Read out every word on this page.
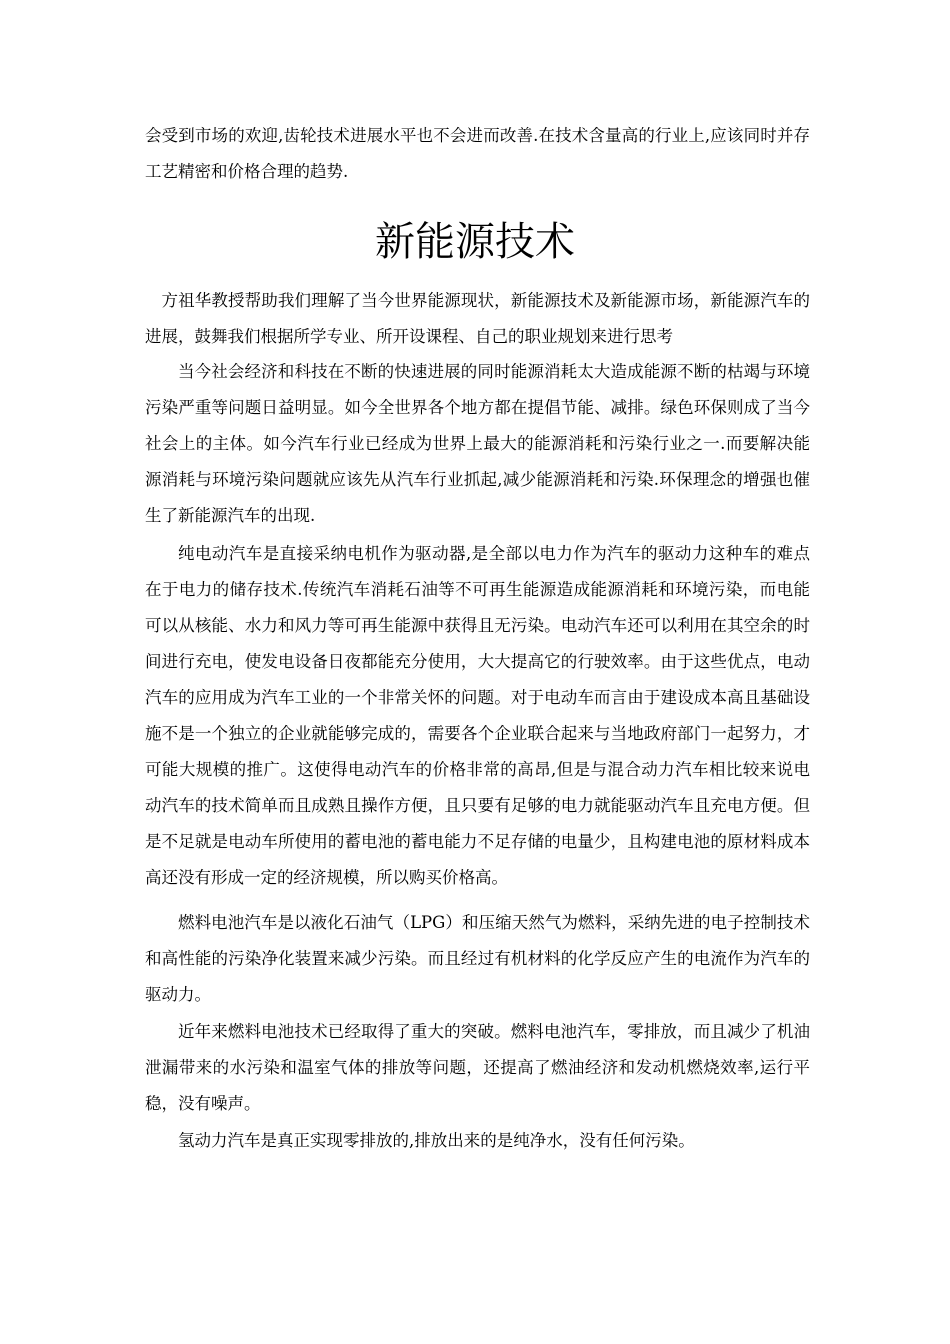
会受到市场的欢迎,齿轮技术进展水平也不会进而改善.在技术含量高的行业上,应该同时并存工艺精密和价格合理的趋势.

新能源技术

方祖华教授帮助我们理解了当今世界能源现状，新能源技术及新能源市场，新能源汽车的进展，鼓舞我们根据所学专业、所开设课程、自己的职业规划来进行思考

当今社会经济和科技在不断的快速进展的同时能源消耗太大造成能源不断的枯竭与环境污染严重等问题日益明显。如今全世界各个地方都在提倡节能、减排。绿色环保则成了当今社会上的主体。如今汽车行业已经成为世界上最大的能源消耗和污染行业之一.而要解决能源消耗与环境污染问题就应该先从汽车行业抓起,减少能源消耗和污染.环保理念的增强也催生了新能源汽车的出现.

纯电动汽车是直接采纳电机作为驱动器,是全部以电力作为汽车的驱动力这种车的难点在于电力的储存技术.传统汽车消耗石油等不可再生能源造成能源消耗和环境污染，而电能可以从核能、水力和风力等可再生能源中获得且无污染。电动汽车还可以利用在其空余的时间进行充电，使发电设备日夜都能充分使用，大大提高它的行驶效率。由于这些优点，电动汽车的应用成为汽车工业的一个非常关怀的问题。对于电动车而言由于建设成本高且基础设施不是一个独立的企业就能够完成的，需要各个企业联合起来与当地政府部门一起努力，才可能大规模的推广。这使得电动汽车的价格非常的高昂,但是与混合动力汽车相比较来说电动汽车的技术简单而且成熟且操作方便，且只要有足够的电力就能驱动汽车且充电方便。但是不足就是电动车所使用的蓄电池的蓄电能力不足存储的电量少，且构建电池的原材料成本高还没有形成一定的经济规模，所以购买价格高。

燃料电池汽车是以液化石油气（LPG）和压缩天然气为燃料，采纳先进的电子控制技术和高性能的污染净化装置来减少污染。而且经过有机材料的化学反应产生的电流作为汽车的驱动力。

近年来燃料电池技术已经取得了重大的突破。燃料电池汽车，零排放，而且减少了机油泄漏带来的水污染和温室气体的排放等问题，还提高了燃油经济和发动机燃烧效率,运行平稳，没有噪声。

氢动力汽车是真正实现零排放的,排放出来的是纯净水，没有任何污染。
